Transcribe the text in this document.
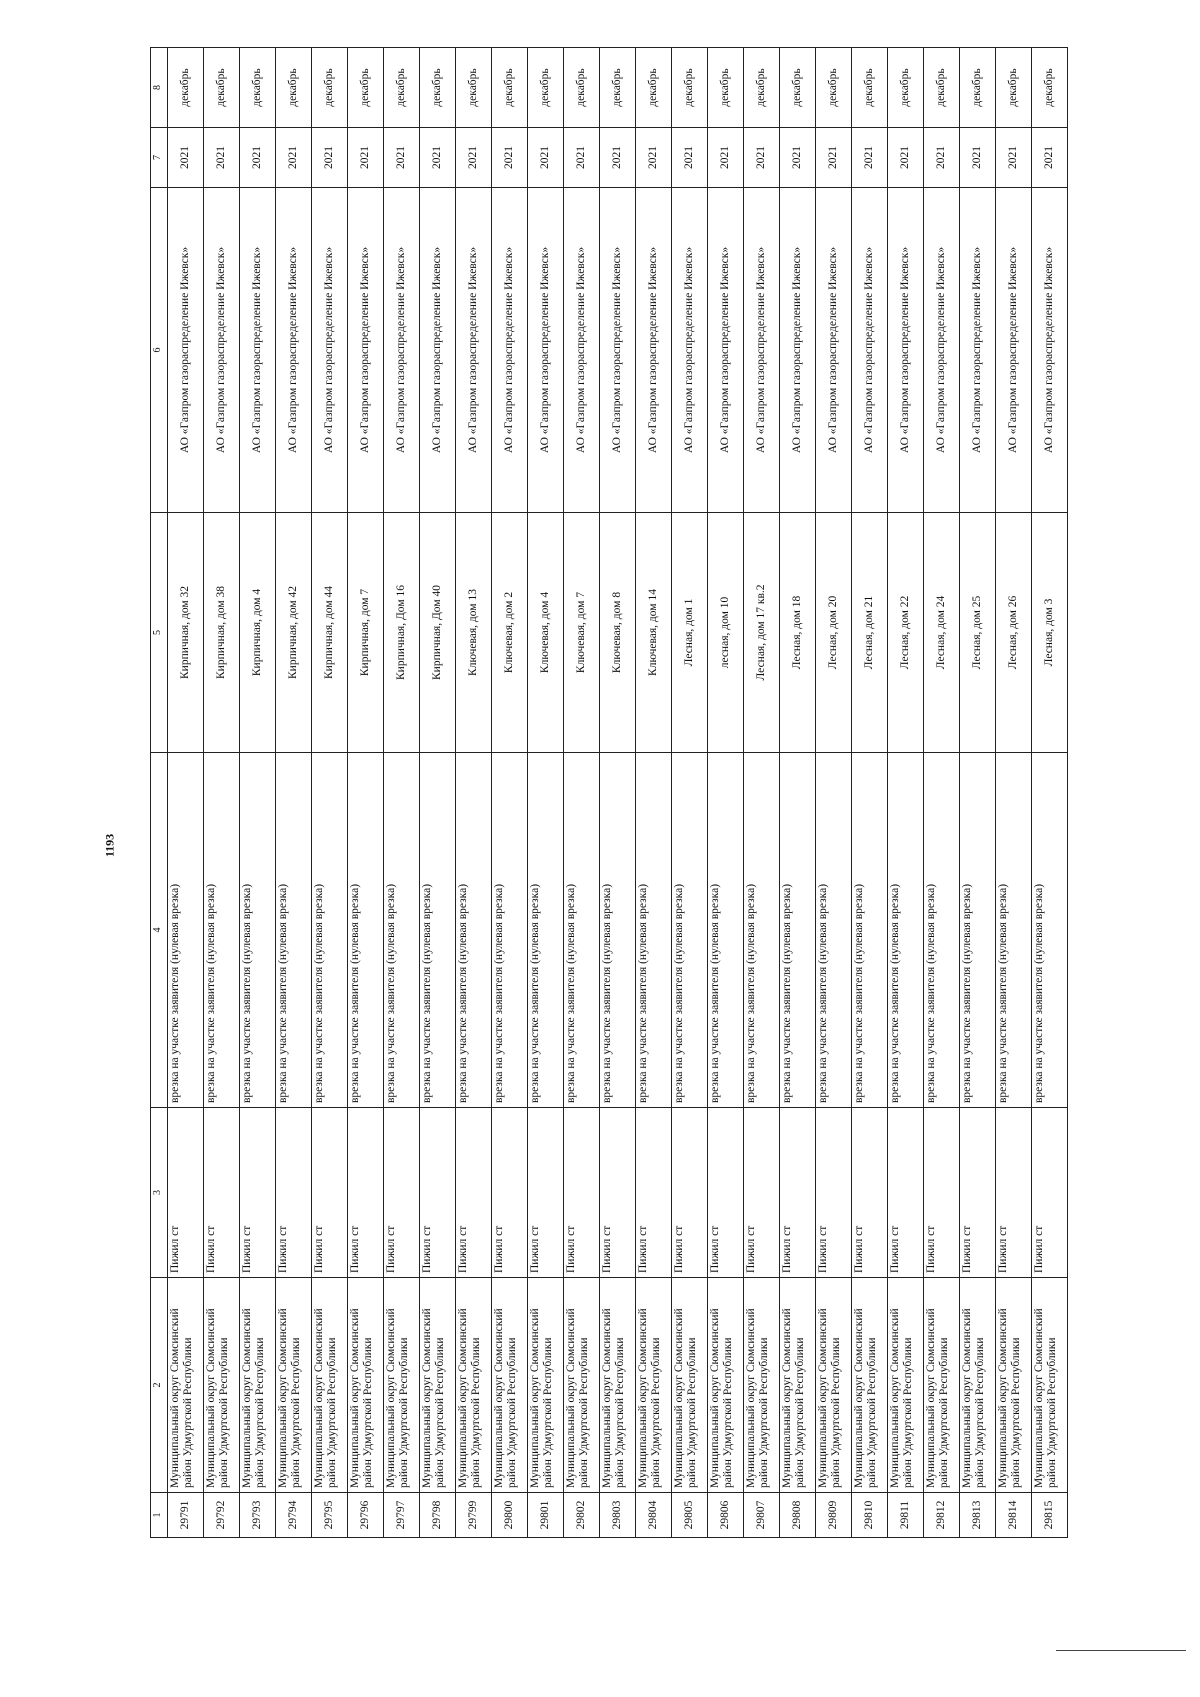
1193
1	2	3	4	5	6	7	8
29791	Муниципальный округ Сюмсинский район Удмуртской Республики	Пижил ст	врезка на участке заявителя (нулевая врезка)	Кирпичная, дом 32	АО «Газпром газораспределение Ижевск»	2021	декабрь
29792	Муниципальный округ Сюмсинский район Удмуртской Республики	Пижил ст	врезка на участке заявителя (нулевая врезка)	Кирпичная, дом 38	АО «Газпром газораспределение Ижевск»	2021	декабрь
29793	Муниципальный округ Сюмсинский район Удмуртской Республики	Пижил ст	врезка на участке заявителя (нулевая врезка)	Кирпичная, дом 4	АО «Газпром газораспределение Ижевск»	2021	декабрь
29794	Муниципальный округ Сюмсинский район Удмуртской Республики	Пижил ст	врезка на участке заявителя (нулевая врезка)	Кирпичная, дом 42	АО «Газпром газораспределение Ижевск»	2021	декабрь
29795	Муниципальный округ Сюмсинский район Удмуртской Республики	Пижил ст	врезка на участке заявителя (нулевая врезка)	Кирпичная, дом 44	АО «Газпром газораспределение Ижевск»	2021	декабрь
29796	Муниципальный округ Сюмсинский район Удмуртской Республики	Пижил ст	врезка на участке заявителя (нулевая врезка)	Кирпичная, дом 7	АО «Газпром газораспределение Ижевск»	2021	декабрь
29797	Муниципальный округ Сюмсинский район Удмуртской Республики	Пижил ст	врезка на участке заявителя (нулевая врезка)	Кирпичная, Дом 16	АО «Газпром газораспределение Ижевск»	2021	декабрь
29798	Муниципальный округ Сюмсинский район Удмуртской Республики	Пижил ст	врезка на участке заявителя (нулевая врезка)	Кирпичная, Дом 40	АО «Газпром газораспределение Ижевск»	2021	декабрь
29799	Муниципальный округ Сюмсинский район Удмуртской Республики	Пижил ст	врезка на участке заявителя (нулевая врезка)	Ключевая, дом 13	АО «Газпром газораспределение Ижевск»	2021	декабрь
29800	Муниципальный округ Сюмсинский район Удмуртской Республики	Пижил ст	врезка на участке заявителя (нулевая врезка)	Ключевая, дом 2	АО «Газпром газораспределение Ижевск»	2021	декабрь
29801	Муниципальный округ Сюмсинский район Удмуртской Республики	Пижил ст	врезка на участке заявителя (нулевая врезка)	Ключевая, дом 4	АО «Газпром газораспределение Ижевск»	2021	декабрь
29802	Муниципальный округ Сюмсинский район Удмуртской Республики	Пижил ст	врезка на участке заявителя (нулевая врезка)	Ключевая, дом 7	АО «Газпром газораспределение Ижевск»	2021	декабрь
29803	Муниципальный округ Сюмсинский район Удмуртской Республики	Пижил ст	врезка на участке заявителя (нулевая врезка)	Ключевая, дом 8	АО «Газпром газораспределение Ижевск»	2021	декабрь
29804	Муниципальный округ Сюмсинский район Удмуртской Республики	Пижил ст	врезка на участке заявителя (нулевая врезка)	Ключевая, дом 14	АО «Газпром газораспределение Ижевск»	2021	декабрь
29805	Муниципальный округ Сюмсинский район Удмуртской Республики	Пижил ст	врезка на участке заявителя (нулевая врезка)	Лесная, дом 1	АО «Газпром газораспределение Ижевск»	2021	декабрь
29806	Муниципальный округ Сюмсинский район Удмуртской Республики	Пижил ст	врезка на участке заявителя (нулевая врезка)	лесная, дом 10	АО «Газпром газораспределение Ижевск»	2021	декабрь
29807	Муниципальный округ Сюмсинский район Удмуртской Республики	Пижил ст	врезка на участке заявителя (нулевая врезка)	Лесная, дом 17 кв.2	АО «Газпром газораспределение Ижевск»	2021	декабрь
29808	Муниципальный округ Сюмсинский район Удмуртской Республики	Пижил ст	врезка на участке заявителя (нулевая врезка)	Лесная, дом 18	АО «Газпром газораспределение Ижевск»	2021	декабрь
29809	Муниципальный округ Сюмсинский район Удмуртской Республики	Пижил ст	врезка на участке заявителя (нулевая врезка)	Лесная, дом 20	АО «Газпром газораспределение Ижевск»	2021	декабрь
29810	Муниципальный округ Сюмсинский район Удмуртской Республики	Пижил ст	врезка на участке заявителя (нулевая врезка)	Лесная, дом 21	АО «Газпром газораспределение Ижевск»	2021	декабрь
29811	Муниципальный округ Сюмсинский район Удмуртской Республики	Пижил ст	врезка на участке заявителя (нулевая врезка)	Лесная, дом 22	АО «Газпром газораспределение Ижевск»	2021	декабрь
29812	Муниципальный округ Сюмсинский район Удмуртской Республики	Пижил ст	врезка на участке заявителя (нулевая врезка)	Лесная, дом 24	АО «Газпром газораспределение Ижевск»	2021	декабрь
29813	Муниципальный округ Сюмсинский район Удмуртской Республики	Пижил ст	врезка на участке заявителя (нулевая врезка)	Лесная, дом 25	АО «Газпром газораспределение Ижевск»	2021	декабрь
29814	Муниципальный округ Сюмсинский район Удмуртской Республики	Пижил ст	врезка на участке заявителя (нулевая врезка)	Лесная, дом 26	АО «Газпром газораспределение Ижевск»	2021	декабрь
29815	Муниципальный округ Сюмсинский район Удмуртской Республики	Пижил ст	врезка на участке заявителя (нулевая врезка)	Лесная, дом 3	АО «Газпром газораспределение Ижевск»	2021	декабрь
